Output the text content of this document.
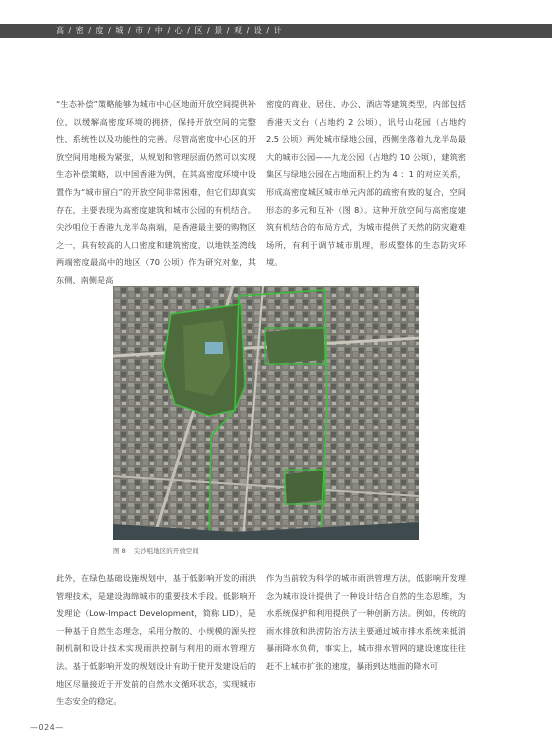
高 / 密 / 度 / 城 / 市 / 中 / 心 / 区 / 景 / 观 / 设 / 计
“生态补偿”策略能够为城市中心区地面开放空间提供补位，以缓解高密度环境的拥挤，保持开放空间的完整性、系统性以及功能性的完善。尽管高密度中心区的开放空间用地极为紧张，从规划和管理层面仍然可以实现生态补偿策略，以中国香港为例，在其高密度环境中设置作为“城市留白”的开放空间非常困难，但它们却真实存在，主要表现为高密度建筑和城市公园的有机结合。尖沙咀位于香港九龙半岛南端，是香港最主要的购物区之一，具有较高的人口密度和建筑密度，以地铁荃湾线两端密度最高中的地区（70 公顷）作为研究对象，其东侧、南侧是高
密度的商业、居住、办公、酒店等建筑类型，内部包括香港天文台（占地约 2 公顷），讯号山花园（占地约 2.5 公顷）两处城市绿地公园，西侧坐落着九龙半岛最大的城市公园——九龙公园（占地约 10 公顷），建筑密集区与绿地公园在占地面积上约为 4 ：1 的对应关系，形成高密度城区城市单元内部的疏密有致的复合，空间形态的多元和互补（图 8）。这种开放空间与高密度建筑有机结合的布局方式，为城市提供了天然的防灾避难场所，有利于调节城市肌理，形成整体的生态防灾环境。
图 8 尖沙咀地区的开放空间
此外，在绿色基础设施规划中，基于低影响开发的雨洪管理技术，是建设海绵城市的重要技术手段。低影响开发理论（Low-Impact Development，简称 LID），是一种基于自然生态理念，采用分散的、小规模的源头控制机制和设计技术实现雨洪控制与利用的雨水管理方法。基于低影响开发的规划设计有助于使开发建设后的地区尽量接近于开发前的自然水文循环状态，实现城市生态安全的稳定。
作为当前较为科学的城市雨洪管理方法，低影响开发理念为城市设计提供了一种设计结合自然的生态思维，为水系统保护和利用提供了一种创新方法。例如，传统的雨水排放和洪涝防治方法主要通过城市排水系统来抵消暴雨降水负荷，事实上，城市排水管网的建设速度往往赶不上城市扩张的速度，暴雨到达地面的降水可
—024—
